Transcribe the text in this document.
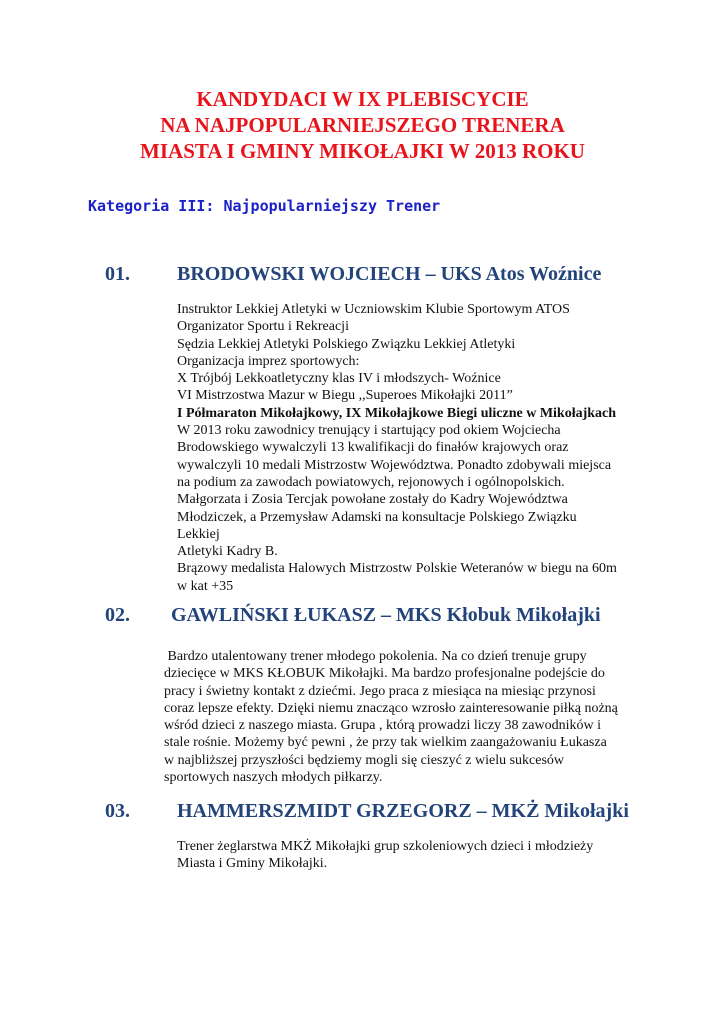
KANDYDACI W IX PLEBISCYCIE
NA NAJPOPULARNIEJSZEGO TRENERA
MIASTA I GMINY MIKOŁAJKI W 2013 ROKU

Kategoria III: Najpopularniejszy Trener

01. BRODOWSKI WOJCIECH – UKS Atos Woźnice
Instruktor Lekkiej Atletyki w Uczniowskim Klubie Sportowym ATOS
Organizator Sportu i Rekreacji
Sędzia Lekkiej Atletyki Polskiego Związku Lekkiej Atletyki
Organizacja imprez sportowych:
X Trójbój Lekkoatletyczny klas IV i młodszych- Woźnice
VI Mistrzostwa Mazur w Biegu ,,Superoes Mikołajki 2011”
I Półmaraton Mikołajkowy, IX Mikołajkowe Biegi uliczne w Mikołajkach
W 2013 roku zawodnicy trenujący i startujący pod okiem Wojciecha
Brodowskiego wywalczyli 13 kwalifikacji do finałów krajowych oraz
wywalczyli 10 medali Mistrzostw Województwa. Ponadto zdobywali miejsca
na podium za zawodach powiatowych, rejonowych i ogólnopolskich.
Małgorzata i Zosia Tercjak powołane zostały do Kadry Województwa
Młodziczek, a Przemysław Adamski na konsultacje Polskiego Związku
Lekkiej
Atletyki Kadry B.
Brązowy medalista Halowych Mistrzostw Polskie Weteranów w biegu na 60m
w kat +35
02. GAWLIŃSKI ŁUKASZ – MKS Kłobuk Mikołajki
Bardzo utalentowany trener młodego pokolenia. Na co dzień trenuje grupy
dziecięce w MKS KŁOBUK Mikołajki. Ma bardzo profesjonalne podejście do
pracy i świetny kontakt z dziećmi. Jego praca z miesiąca na miesiąc przynosi
coraz lepsze efekty. Dzięki niemu znacząco wzrosło zainteresowanie piłką nożną
wśród dzieci z naszego miasta. Grupa , którą prowadzi liczy 38 zawodników i
stale rośnie. Możemy być pewni , że przy tak wielkim zaangażowaniu Łukasza
w najbliższej przyszłości będziemy mogli się cieszyć z wielu sukcesów
sportowych naszych młodych piłkarzy.
03. HAMMERSZMIDT GRZEGORZ – MKŻ Mikołajki
Trener żeglarstwa MKŻ Mikołajki grup szkoleniowych dzieci i młodzieży
Miasta i Gminy Mikołajki.
